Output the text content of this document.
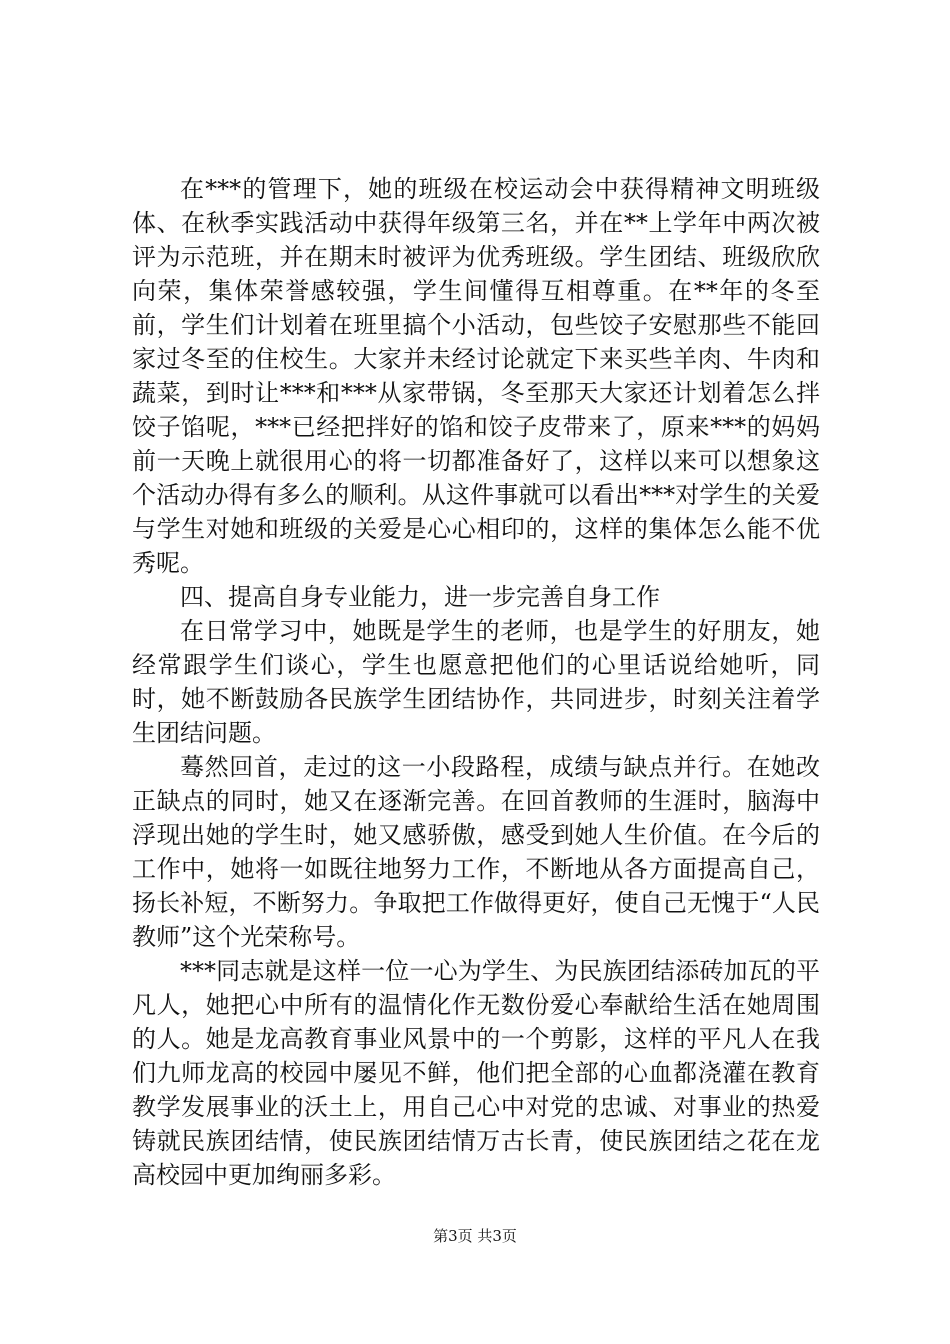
在***的管理下，她的班级在校运动会中获得精神文明班级体、在秋季实践活动中获得年级第三名，并在**上学年中两次被评为示范班，并在期末时被评为优秀班级。学生团结、班级欣欣向荣，集体荣誉感较强，学生间懂得互相尊重。在**年的冬至前，学生们计划着在班里搞个小活动，包些饺子安慰那些不能回家过冬至的住校生。大家并未经讨论就定下来买些羊肉、牛肉和蔬菜，到时让***和***从家带锅，冬至那天大家还计划着怎么拌饺子馅呢，***已经把拌好的馅和饺子皮带来了，原来***的妈妈前一天晚上就很用心的将一切都准备好了，这样以来可以想象这个活动办得有多么的顺利。从这件事就可以看出***对学生的关爱与学生对她和班级的关爱是心心相印的，这样的集体怎么能不优秀呢。

四、提高自身专业能力，进一步完善自身工作

在日常学习中，她既是学生的老师，也是学生的好朋友，她经常跟学生们谈心，学生也愿意把他们的心里话说给她听，同时，她不断鼓励各民族学生团结协作，共同进步，时刻关注着学生团结问题。

蓦然回首，走过的这一小段路程，成绩与缺点并行。在她改正缺点的同时，她又在逐渐完善。在回首教师的生涯时，脑海中浮现出她的学生时，她又感骄傲，感受到她人生价值。在今后的工作中，她将一如既往地努力工作，不断地从各方面提高自己，扬长补短，不断努力。争取把工作做得更好，使自己无愧于“人民教师”这个光荣称号。

***同志就是这样一位一心为学生、为民族团结添砖加瓦的平凡人，她把心中所有的温情化作无数份爱心奉献给生活在她周围的人。她是龙高教育事业风景中的一个剪影，这样的平凡人在我们九师龙高的校园中屡见不鲜，他们把全部的心血都浇灌在教育教学发展事业的沃土上，用自己心中对党的忠诚、对事业的热爱铸就民族团结情，使民族团结情万古长青，使民族团结之花在龙高校园中更加绚丽多彩。

第3页 共3页
